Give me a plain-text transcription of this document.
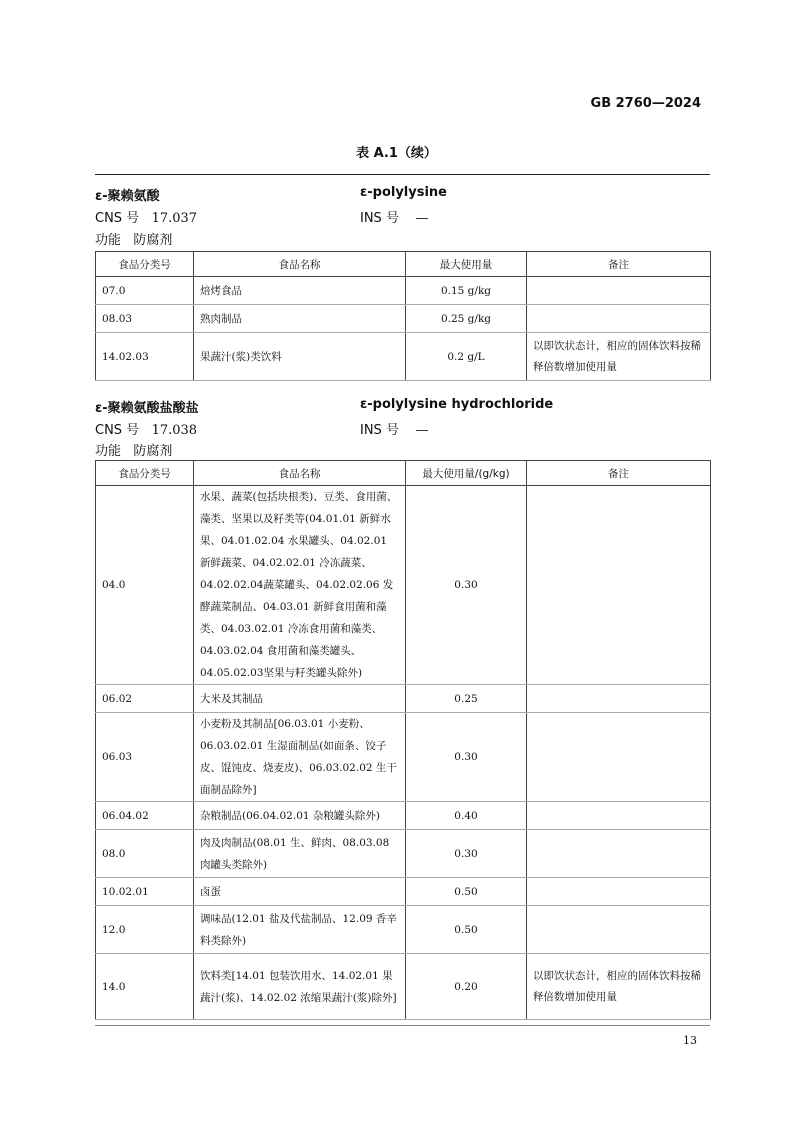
GB 2760—2024
表 A.1（续）
ε-聚赖氨酸	ε-polylysine
CNS 号 17.037	INS 号 —
功能 防腐剂
食品分类号	食品名称	最大使用量	备注
07.0	焙烤食品	0.15 g/kg	
08.03	熟肉制品	0.25 g/kg	
14.02.03	果蔬汁(浆)类饮料	0.2 g/L	以即饮状态计，相应的固体饮料按稀释倍数增加使用量
ε-聚赖氨酸盐酸盐	ε-polylysine hydrochloride
CNS 号 17.038	INS 号 —
功能 防腐剂
食品分类号	食品名称	最大使用量/(g/kg)	备注
04.0	水果、蔬菜(包括块根类)、豆类、食用菌、藻类、坚果以及籽类等(04.01.01 新鲜水果、04.01.02.04 水果罐头、04.02.01 新鲜蔬菜、04.02.02.01 冷冻蔬菜、04.02.02.04蔬菜罐头、04.02.02.06 发酵蔬菜制品、04.03.01 新鲜食用菌和藻类、04.03.02.01 冷冻食用菌和藻类、04.03.02.04 食用菌和藻类罐头、04.05.02.03坚果与籽类罐头除外)	0.30	
06.02	大米及其制品	0.25	
06.03	小麦粉及其制品[06.03.01 小麦粉、06.03.02.01 生湿面制品(如面条、饺子皮、馄饨皮、烧麦皮)、06.03.02.02 生干面制品除外]	0.30	
06.04.02	杂粮制品(06.04.02.01 杂粮罐头除外)	0.40	
08.0	肉及肉制品(08.01 生、鲜肉、08.03.08 肉罐头类除外)	0.30	
10.02.01	卤蛋	0.50	
12.0	调味品(12.01 盐及代盐制品、12.09 香辛料类除外)	0.50	
14.0	饮料类[14.01 包装饮用水、14.02.01 果蔬汁(浆)、14.02.02 浓缩果蔬汁(浆)除外]	0.20	以即饮状态计，相应的固体饮料按稀释倍数增加使用量
13
